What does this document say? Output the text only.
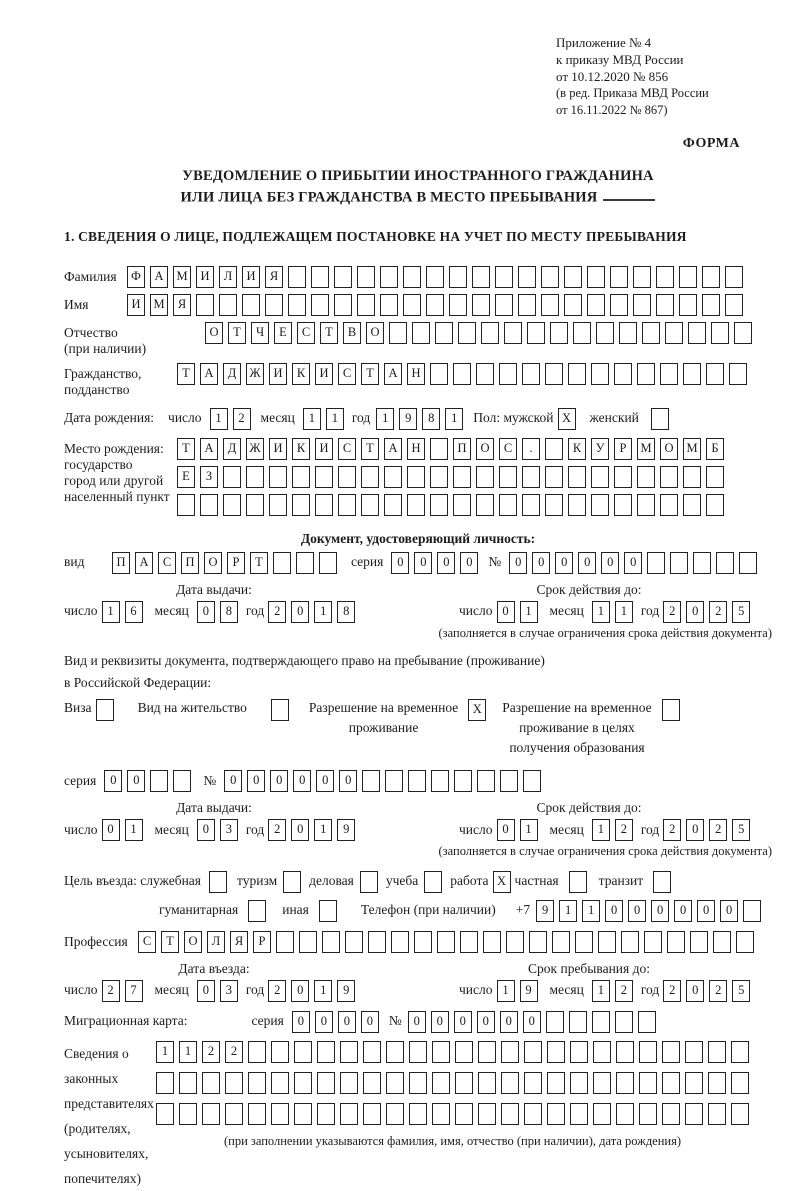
Приложение № 4
к приказу МВД России
от 10.12.2020 № 856
(в ред. Приказа МВД России
от 16.11.2022 № 867)
ФОРМА
УВЕДОМЛЕНИЕ О ПРИБЫТИИ ИНОСТРАННОГО ГРАЖДАНИНА
ИЛИ ЛИЦА БЕЗ ГРАЖДАНСТВА В МЕСТО ПРЕБЫВАНИЯ
1. СВЕДЕНИЯ О ЛИЦЕ, ПОДЛЕЖАЩЕМ ПОСТАНОВКЕ НА УЧЕТ ПО МЕСТУ ПРЕБЫВАНИЯ
Фамилия	Ф	А	М	И	Л	И	Я
Имя	И	М	Я
Отчество
(при наличии)
О	Т	Ч	Е	С	Т	В	О
Гражданство,
подданство
Т	А	Д	Ж	И	К	И	С	Т	А	Н
Дата рождения: число	1	2	месяц	1	1	год 1	9	8	1	Пол: мужской X	женский
Место рождения:
государство
город или другой
населенный пункт
Т	А	Д	Ж	И	К	И	С	Т	А	Н	П	О	С	.	К	У	Р	М	О	М	Б
Е	З
Документ, удостоверяющий личность:
вид	П	А	С	П	О	Р	Т	серия	0	0	0	0	№	0	0	0	0	0	0
Дата выдачи:
число 1	6	месяц	0	8	год 2	0	1	8
Срок действия до:
число 0	1	месяц	1	1	год 2	0	2	5
(заполняется в случае ограничения срока действия документа)
Вид и реквизиты документа, подтверждающего право на пребывание (проживание)
в Российской Федерации:
Виза	Вид на жительство	Разрешение на временное
проживание
X	Разрешение на временное
проживание в целях
получения образования
серия	0	0	№	0	0	0	0	0	0
Дата выдачи:
число 0	1	месяц	0	3	год 2	0	1	9
Срок действия до:
число 0	1	месяц	1	2	год 2	0	2	5
(заполняется в случае ограничения срока действия документа)
Цель въезда: служебная	туризм деловая учеба работа X частная	транзит
гуманитарная	иная	Телефон (при наличии) +7 9	1	1	0	0	0	0	0	0
Профессия	С	Т	О	Л	Я	Р
Дата въезда:
число 2	7	месяц	0	3	год 2	0	1	9
Срок пребывания до:
число 1	9	месяц	1	2	год 2	0	2	5
Миграционная карта:	серия	0	0	0	0	№ 0	0	0	0	0	0
Сведения о
законных
представителях
(родителях,
усыновителях,
попечителях)
1	1	2	2
(при заполнении указываются фамилия, имя, отчество (при наличии), дата рождения)
